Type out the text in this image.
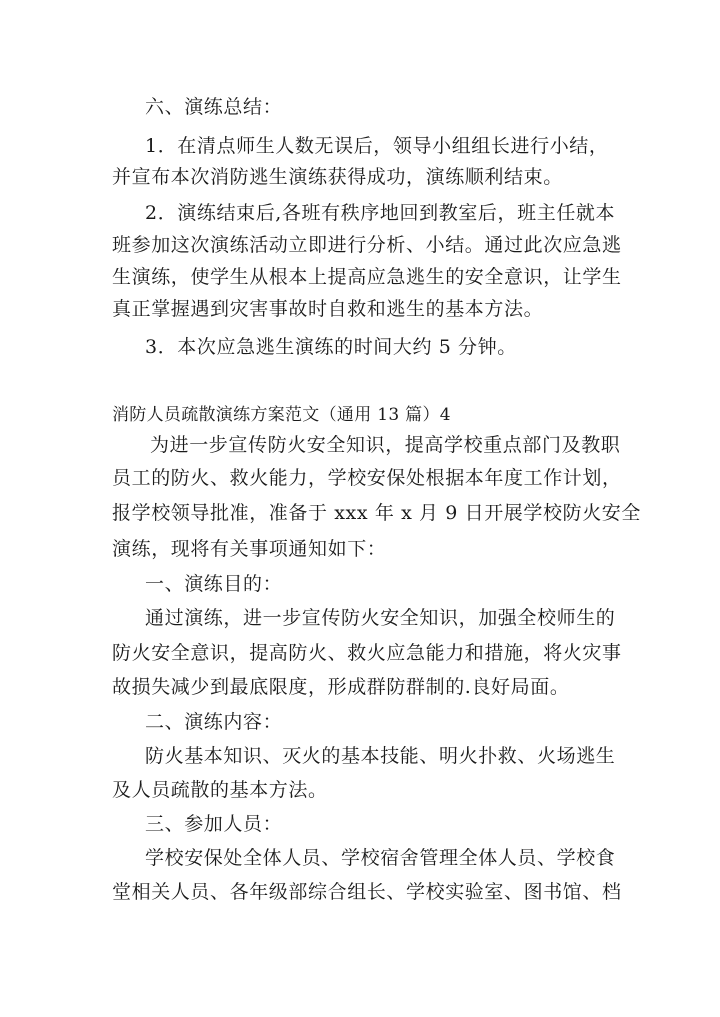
六、演练总结：
1．在清点师生人数无误后，领导小组组长进行小结，
并宣布本次消防逃生演练获得成功，演练顺利结束。
2．演练结束后,各班有秩序地回到教室后，班主任就本
班参加这次演练活动立即进行分析、小结。通过此次应急逃
生演练，使学生从根本上提高应急逃生的安全意识，让学生
真正掌握遇到灾害事故时自救和逃生的基本方法。
3．本次应急逃生演练的时间大约 5 分钟。
消防人员疏散演练方案范文（通用 13 篇）4
为进一步宣传防火安全知识，提高学校重点部门及教职
员工的防火、救火能力，学校安保处根据本年度工作计划，
报学校领导批准，准备于 xxx 年 x 月 9 日开展学校防火安全
演练，现将有关事项通知如下：
一、演练目的：
通过演练，进一步宣传防火安全知识，加强全校师生的
防火安全意识，提高防火、救火应急能力和措施，将火灾事
故损失减少到最底限度，形成群防群制的.良好局面。
二、演练内容：
防火基本知识、灭火的基本技能、明火扑救、火场逃生
及人员疏散的基本方法。
三、参加人员：
学校安保处全体人员、学校宿舍管理全体人员、学校食
堂相关人员、各年级部综合组长、学校实验室、图书馆、档
